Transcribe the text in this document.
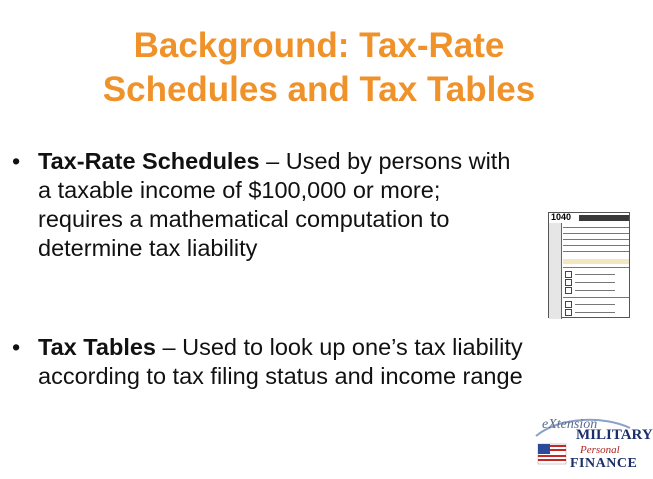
Background: Tax-Rate
Schedules and Tax Tables
• Tax-Rate Schedules – Used by persons with
a taxable income of $100,000 or more;
requires a mathematical computation to
determine tax liability
• Tax Tables – Used to look up one’s tax liability
according to tax filing status and income range
1040
eXtension
MILITARY
Personal
FINANCE
